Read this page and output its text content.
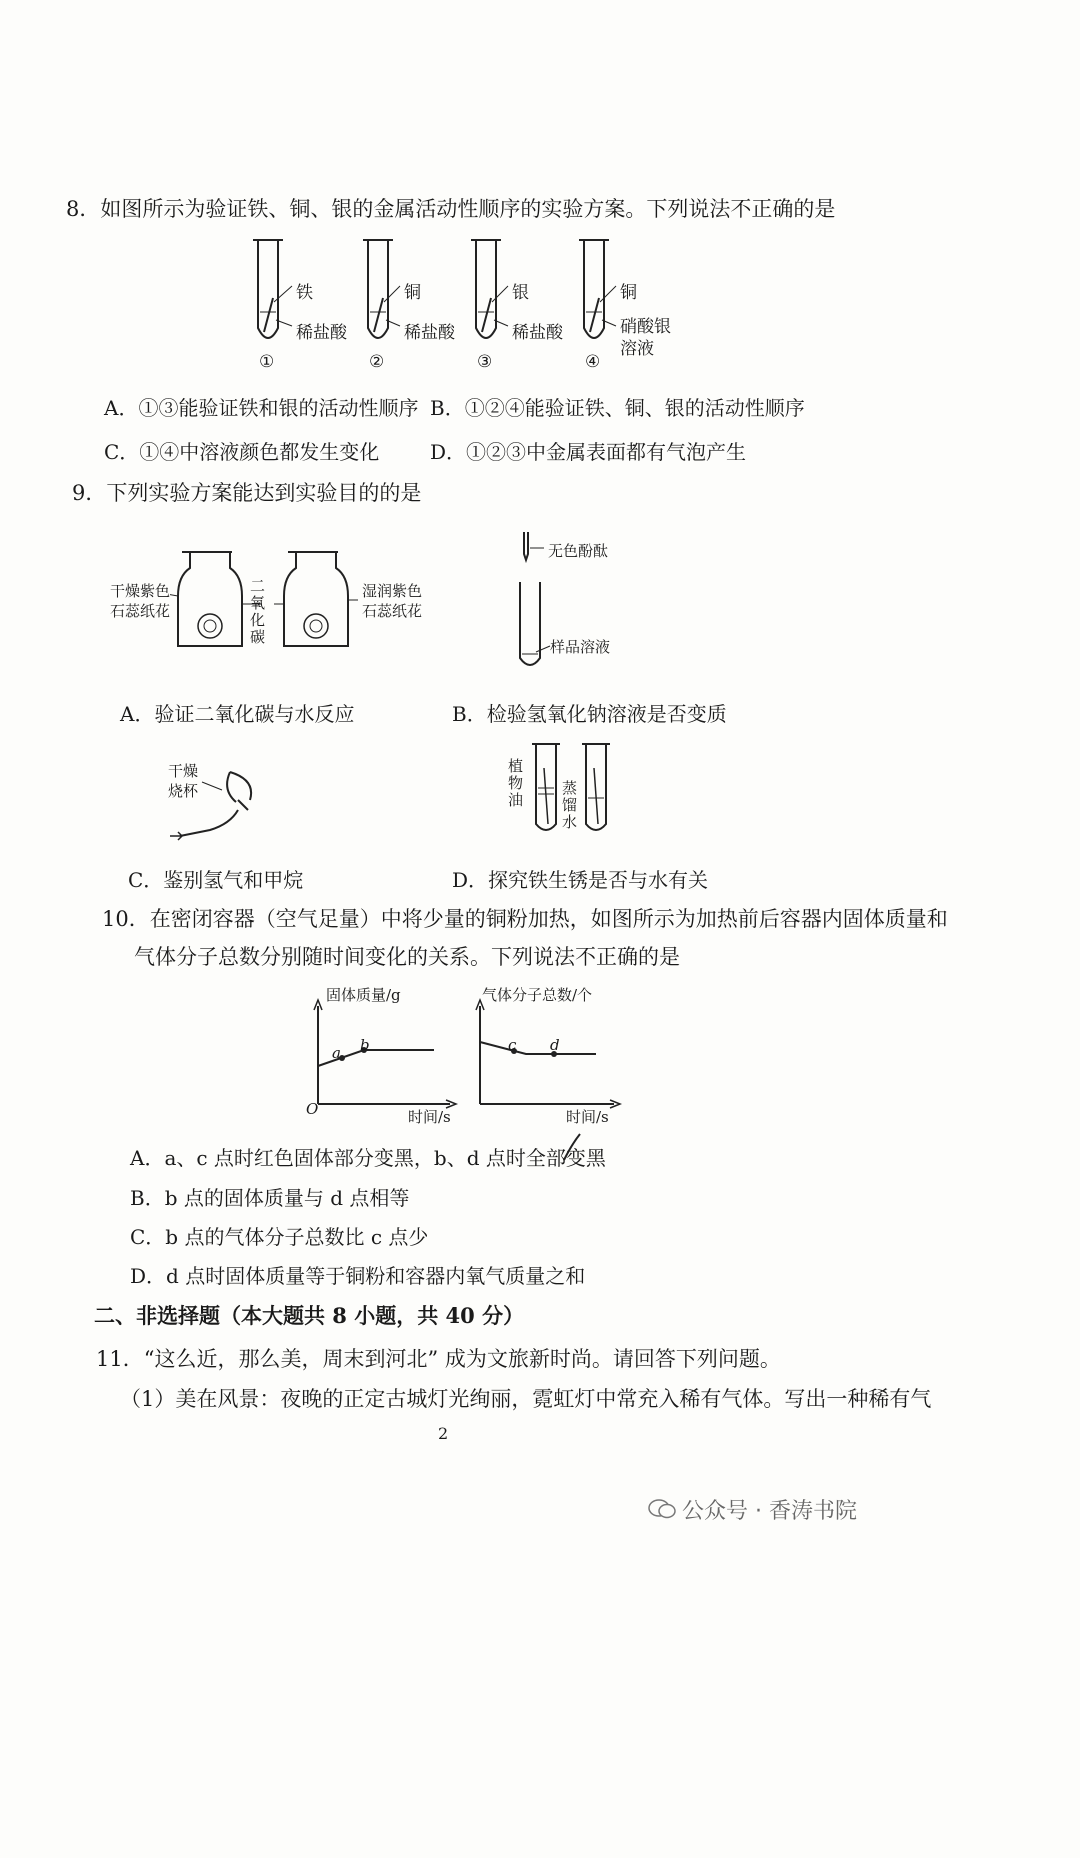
8．如图所示为验证铁、铜、银的金属活动性顺序的实验方案。下列说法不正确的是
铁
稀盐酸
①
铜
稀盐酸
②
银
稀盐酸
③
铜
硝酸银
溶液
④
A．①③能验证铁和银的活动性顺序 B．①②④能验证铁、铜、银的活动性顺序
C．①④中溶液颜色都发生变化	D．①②③中金属表面都有气泡产生
9．下列实验方案能达到实验目的的是
干燥紫色
石蕊纸花
二
氧
化
碳
湿润紫色
石蕊纸花
无色酚酞
样品溶液
A．验证二氧化碳与水反应	B．检验氢氧化钠溶液是否变质
干燥
烧杯
植
物
油
蒸
馏
水
C．鉴别氢气和甲烷	D．探究铁生锈是否与水有关
10．在密闭容器（空气足量）中将少量的铜粉加热，如图所示为加热前后容器内固体质量和
气体分子总数分别随时间变化的关系。下列说法不正确的是
固体质量/g
时间/s
O
a b
气体分子总数/个
时间/s
c d
A．a、c 点时红色固体部分变黑，b、d 点时全部变黑
B．b 点的固体质量与 d 点相等
C．b 点的气体分子总数比 c 点少
D．d 点时固体质量等于铜粉和容器内氧气质量之和
二、非选择题（本大题共 8 小题，共 40 分）
11．“这么近，那么美，周末到河北” 成为文旅新时尚。请回答下列问题。
（1）美在风景：夜晚的正定古城灯光绚丽，霓虹灯中常充入稀有气体。写出一种稀有气
2
公众号 · 香涛书院
